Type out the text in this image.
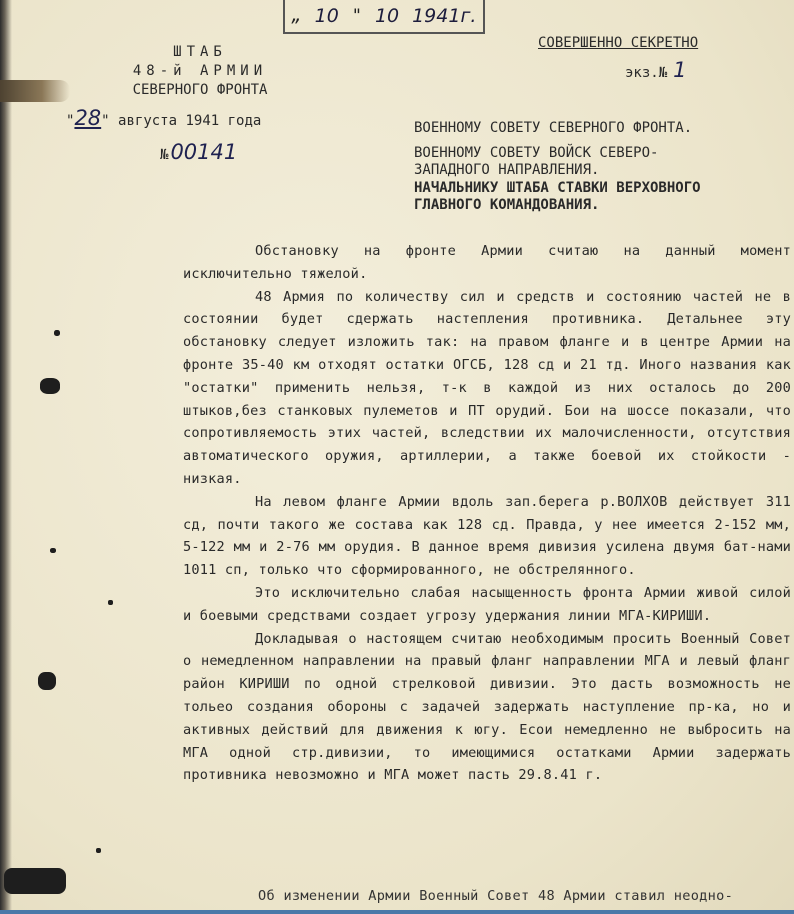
„ 10 " 10 1941г.
СОВЕРШЕННО СЕКРЕТНО
экз.№ 1
ШТАБ
48-й АРМИИ
СЕВЕРНОГО ФРОНТА
"28" августа 1941 года
№00141
ВОЕННОМУ СОВЕТУ СЕВЕРНОГО ФРОНТА.
ВОЕННОМУ СОВЕТУ ВОЙСК СЕВЕРО-
ЗАПАДНОГО НАПРАВЛЕНИЯ.
НАЧАЛЬНИКУ ШТАБА СТАВКИ ВЕРХОВНОГО
ГЛАВНОГО КОМАНДОВАНИЯ.

Обстановку на фронте Армии считаю на данный момент исключительно тяжелой.

48 Армия по количеству сил и средств и состоянию частей не в состоянии будет сдержать настепления противника. Детальнее эту обстановку следует изложить так: на правом фланге и в центре Армии на фронте 35-40 км отходят остатки ОГСБ, 128 сд и 21 тд. Иного названия как "остатки" применить нельзя, т-к в каждой из них осталось до 200 штыков,без станковых пулеметов и ПТ орудий. Бои на шоссе показали, что сопротивляемость этих частей, вследствии их малочисленности, отсутствия автоматического оружия, артиллерии, а также боевой их стойкости - низкая.

На левом фланге Армии вдоль зап.берега р.ВОЛХОВ действует 311 сд, почти такого же состава как 128 сд. Правда, у нее имеется 2-152 мм, 5-122 мм и 2-76 мм орудия. В данное время дивизия усилена двумя бат-нами 1011 сп, только что сформированного, не обстрелянного.

Это исключительно слабая насыщенность фронта Армии живой силой и боевыми средствами создает угрозу удержания линии МГА-КИРИШИ.

Докладывая о настоящем считаю необходимым просить Военный Совет о немедленном направлении на правый фланг направлении МГА и левый фланг район КИРИШИ по одной стрелковой дивизии. Это дасть возможность не тольео создания обороны с задачей задержать наступление пр-ка, но и активных действий для движения к югу. Есои немедленно не выбросить на МГА одной стр.дивизии, то имеющимися остатками Армии задержать противника невозможно и МГА может пасть 29.8.41 г.

Об изменении Армии Военный Совет 48 Армии ставил неодно-
